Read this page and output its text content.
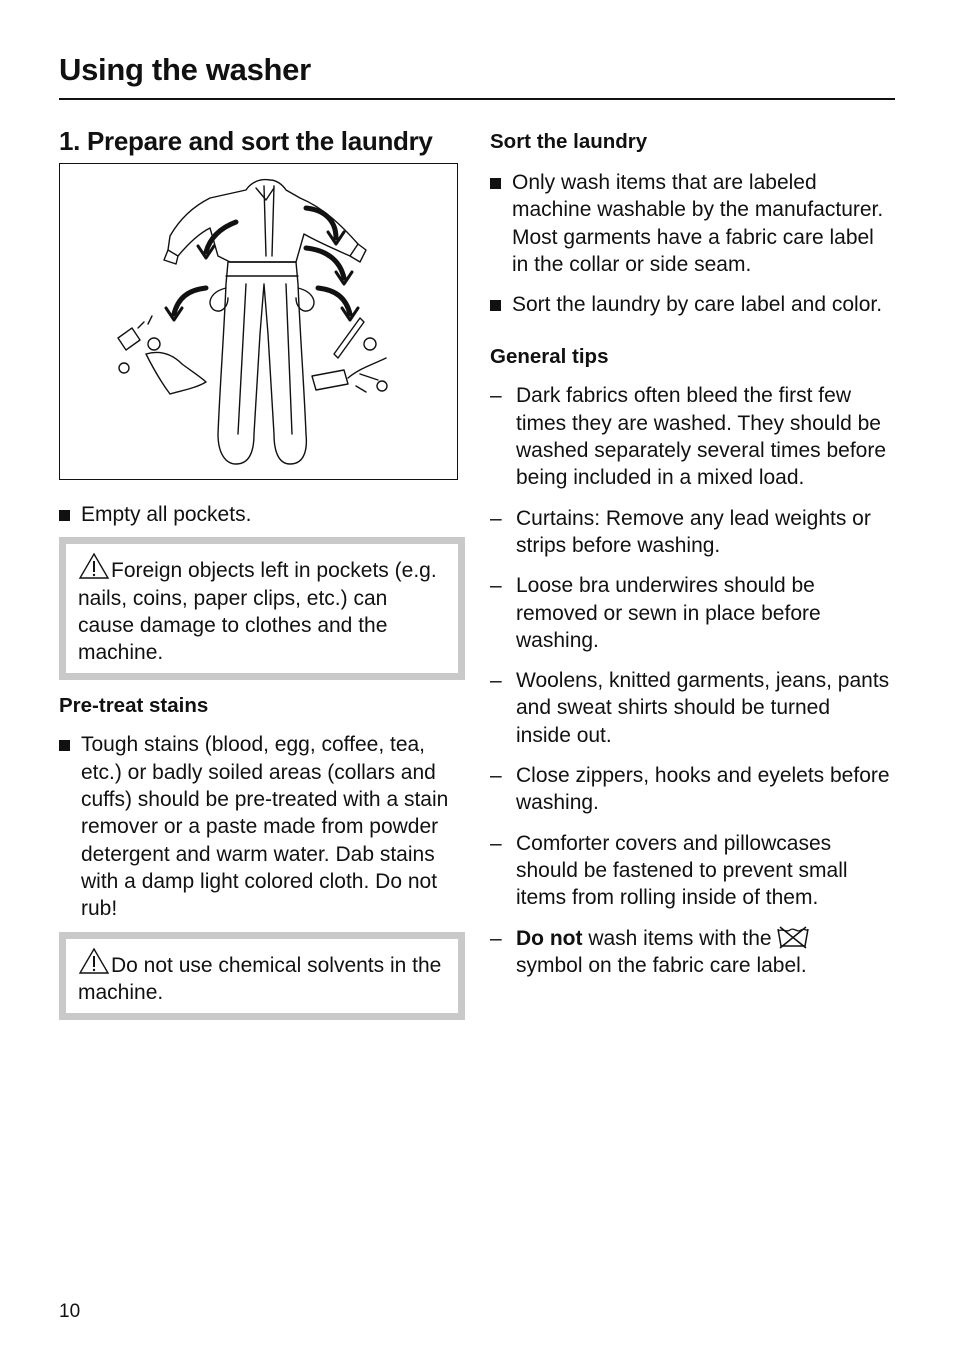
Using the washer
1. Prepare and sort the laundry
Empty all pockets.
Foreign objects left in pockets (e.g. nails, coins, paper clips, etc.) can cause damage to clothes and the machine.
Pre-treat stains
Tough stains (blood, egg, coffee, tea, etc.) or badly soiled areas (collars and cuffs) should be pre-treated with a stain remover or a paste made from powder detergent and warm water. Dab stains with a damp light colored cloth. Do not rub!
Do not use chemical solvents in the machine.
Sort the laundry
Only wash items that are labeled machine washable by the manufacturer. Most garments have a fabric care label in the collar or side seam.
Sort the laundry by care label and color.
General tips
– Dark fabrics often bleed the first few times they are washed. They should be washed separately several times before being included in a mixed load.
– Curtains: Remove any lead weights or strips before washing.
– Loose bra underwires should be removed or sewn in place before washing.
– Woolens, knitted garments, jeans, pants and sweat shirts should be turned inside out.
– Close zippers, hooks and eyelets before washing.
– Comforter covers and pillowcases should be fastened to prevent small items from rolling inside of them.
– Do not wash items with the
symbol on the fabric care label.
10
